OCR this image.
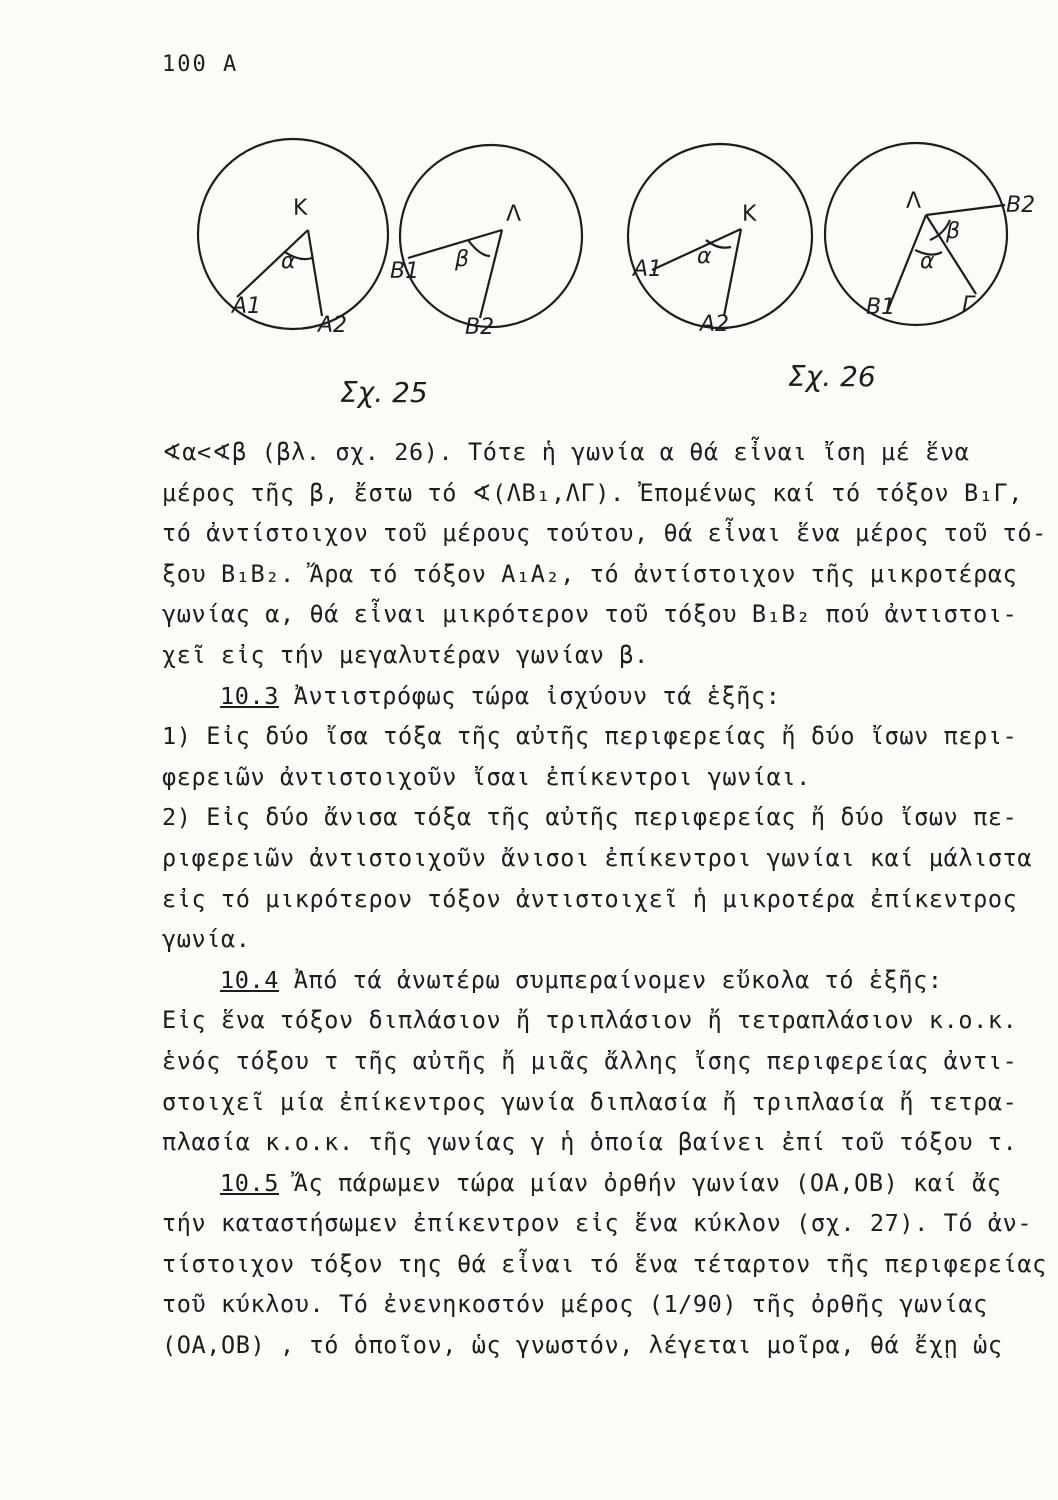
100 A
Κ
α
Α1
Α2
Λ
β
Β1
Β2
Κ
α
Α1
Α2
Λ
β
α
Β2
Β1	Γ
Σχ. 25	Σχ. 26
∢α<∢β (βλ. σχ. 26). Τότε ἡ γωνία α θά εἶναι ἴση μέ ἕνα
μέρος τῆς β, ἔστω τό ∢(ΛΒ₁,ΛΓ). Ἐπομένως καί τό τόξον Β₁Γ,
τό ἀντίστοιχον τοῦ μέρους τούτου, θά εἶναι ἕνα μέρος τοῦ τό-
ξου Β₁Β₂. Ἄρα τό τόξον Α₁Α₂, τό ἀντίστοιχον τῆς μικροτέρας
γωνίας α, θά εἶναι μικρότερον τοῦ τόξου Β₁Β₂ πού ἀντιστοι-
χεῖ εἰς τήν μεγαλυτέραν γωνίαν β.
10.3 Ἀντιστρόφως τώρα ἰσχύουν τά ἑξῆς:
1) Εἰς δύο ἴσα τόξα τῆς αὐτῆς περιφερείας ἤ δύο ἴσων περι-
φερειῶν ἀντιστοιχοῦν ἴσαι ἐπίκεντροι γωνίαι.
2) Εἰς δύο ἄνισα τόξα τῆς αὐτῆς περιφερείας ἤ δύο ἴσων πε-
ριφερειῶν ἀντιστοιχοῦν ἄνισοι ἐπίκεντροι γωνίαι καί μάλιστα
εἰς τό μικρότερον τόξον ἀντιστοιχεῖ ἡ μικροτέρα ἐπίκεντρος
γωνία.
10.4 Ἀπό τά ἀνωτέρω συμπεραίνομεν εὔκολα τό ἑξῆς:
Εἰς ἕνα τόξον διπλάσιον ἤ τριπλάσιον ἤ τετραπλάσιον κ.ο.κ.
ἑνός τόξου τ τῆς αὐτῆς ἤ μιᾶς ἄλλης ἴσης περιφερείας ἀντι-
στοιχεῖ μία ἐπίκεντρος γωνία διπλασία ἤ τριπλασία ἤ τετρα-
πλασία κ.ο.κ. τῆς γωνίας γ ἡ ὁποία βαίνει ἐπί τοῦ τόξου τ.
10.5 Ἄς πάρωμεν τώρα μίαν ὀρθήν γωνίαν (ΟΑ,ΟΒ) καί ἄς
τήν καταστήσωμεν ἐπίκεντρον εἰς ἕνα κύκλον (σχ. 27). Τό ἀν-
τίστοιχον τόξον της θά εἶναι τό ἕνα τέταρτον τῆς περιφερείας
τοῦ κύκλου. Τό ἐνενηκοστόν μέρος (1/90) τῆς ὀρθῆς γωνίας
(ΟΑ,ΟΒ) , τό ὁποῖον, ὡς γνωστόν, λέγεται μοῖρα, θά ἔχῃ ὡς
